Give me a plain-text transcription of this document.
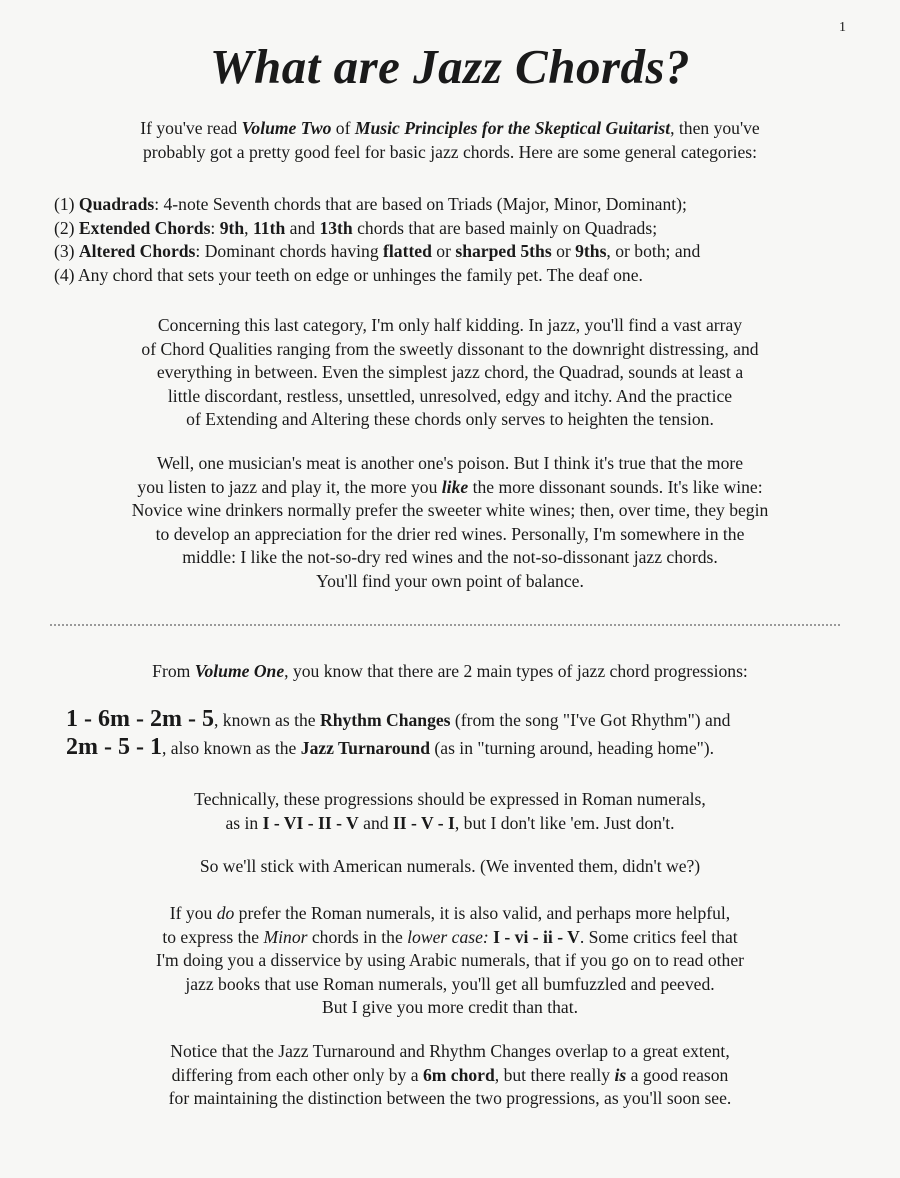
1
What are Jazz Chords?
If you've read Volume Two of Music Principles for the Skeptical Guitarist, then you've
probably got a pretty good feel for basic jazz chords. Here are some general categories:
(1) Quadrads: 4-note Seventh chords that are based on Triads (Major, Minor, Dominant);
(2) Extended Chords: 9th, 11th and 13th chords that are based mainly on Quadrads;
(3) Altered Chords: Dominant chords having flatted or sharped 5ths or 9ths, or both; and
(4) Any chord that sets your teeth on edge or unhinges the family pet. The deaf one.
Concerning this last category, I'm only half kidding. In jazz, you'll find a vast array
of Chord Qualities ranging from the sweetly dissonant to the downright distressing, and
everything in between. Even the simplest jazz chord, the Quadrad, sounds at least a
little discordant, restless, unsettled, unresolved, edgy and itchy. And the practice
of Extending and Altering these chords only serves to heighten the tension.
Well, one musician's meat is another one's poison. But I think it's true that the more
you listen to jazz and play it, the more you like the more dissonant sounds. It's like wine:
Novice wine drinkers normally prefer the sweeter white wines; then, over time, they begin
to develop an appreciation for the drier red wines. Personally, I'm somewhere in the
middle: I like the not-so-dry red wines and the not-so-dissonant jazz chords.
You'll find your own point of balance.
From Volume One, you know that there are 2 main types of jazz chord progressions:
1 - 6m - 2m - 5, known as the Rhythm Changes (from the song "I've Got Rhythm") and
2m - 5 - 1, also known as the Jazz Turnaround (as in "turning around, heading home").
Technically, these progressions should be expressed in Roman numerals,
as in I - VI - II - V and II - V - I, but I don't like 'em. Just don't.
So we'll stick with American numerals. (We invented them, didn't we?)
If you do prefer the Roman numerals, it is also valid, and perhaps more helpful,
to express the Minor chords in the lower case: I - vi - ii - V. Some critics feel that
I'm doing you a disservice by using Arabic numerals, that if you go on to read other
jazz books that use Roman numerals, you'll get all bumfuzzled and peeved.
But I give you more credit than that.
Notice that the Jazz Turnaround and Rhythm Changes overlap to a great extent,
differing from each other only by a 6m chord, but there really is a good reason
for maintaining the distinction between the two progressions, as you'll soon see.
